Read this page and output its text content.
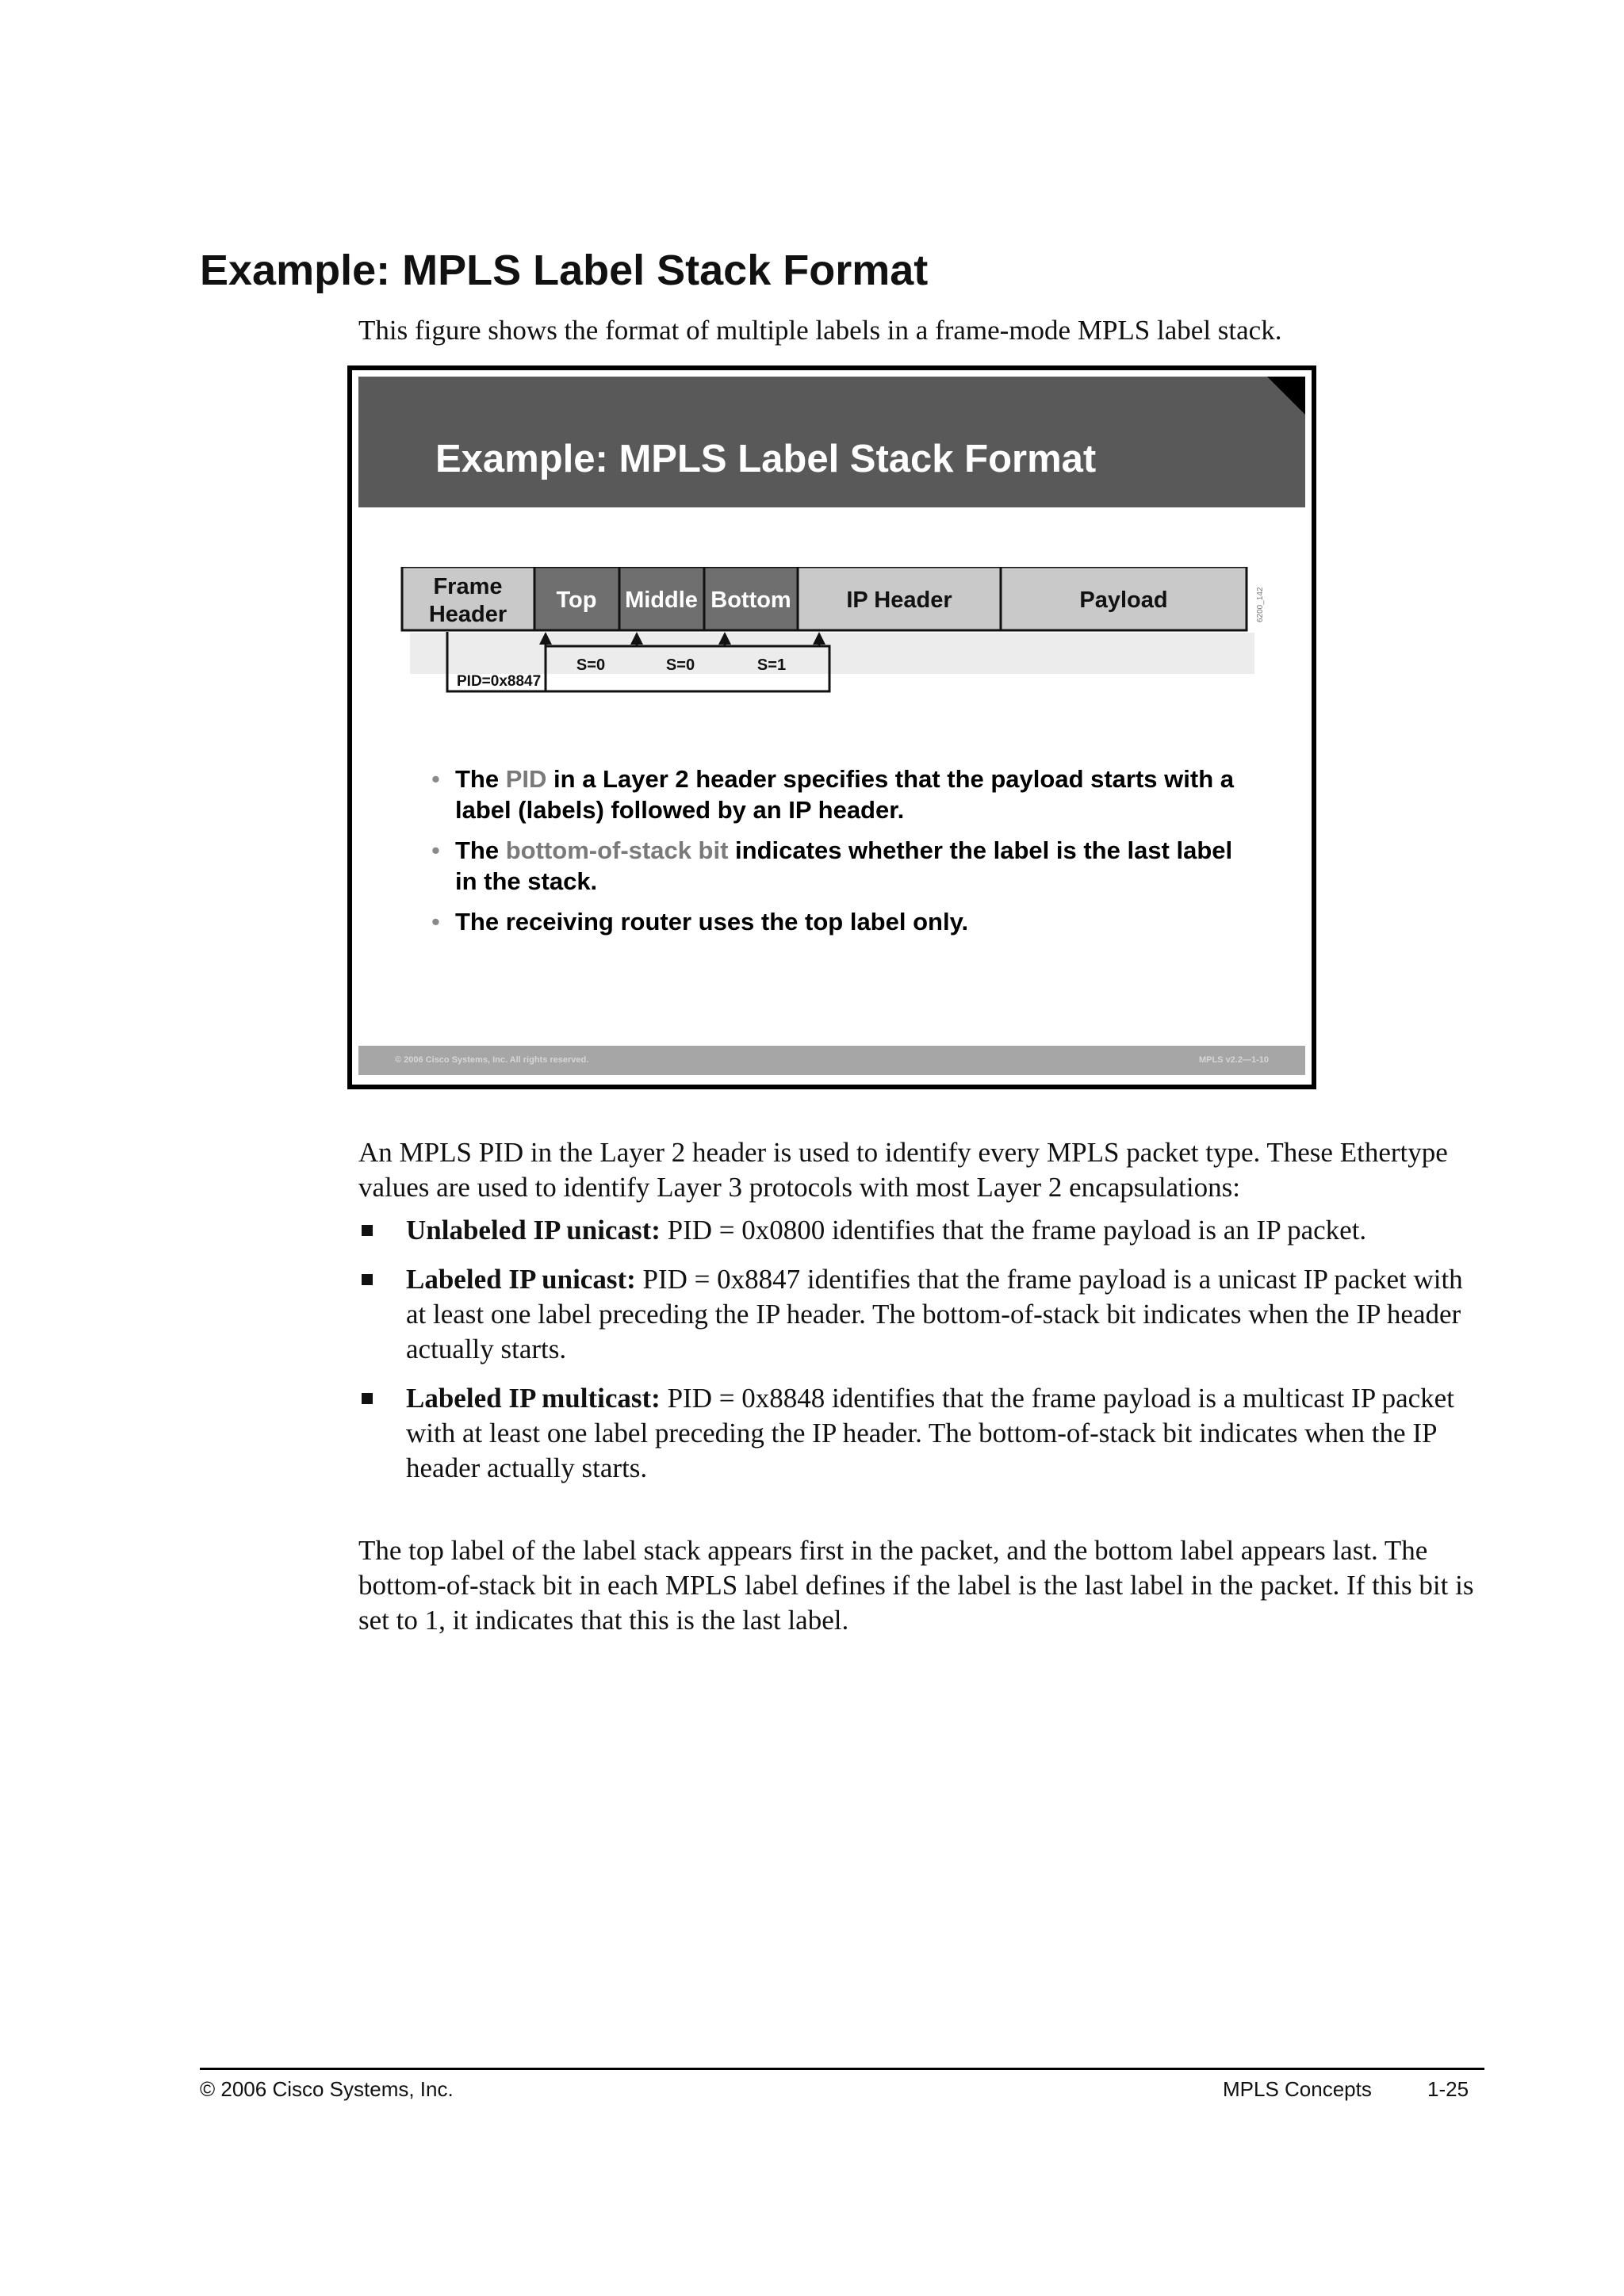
Example: MPLS Label Stack Format

This figure shows the format of multiple labels in a frame-mode MPLS label stack.

Example: MPLS Label Stack Format
Frame
Header
Top Middle Bottom IP Header	Payload	6200_142
PID=0x8847
S=0	S=0	S=1
• The PID in a Layer 2 header specifies that the payload starts with a label (labels) followed by an IP header.
• The bottom-of-stack bit indicates whether the label is the last label in the stack.
• The receiving router uses the top label only.
© 2006 Cisco Systems, Inc. All rights reserved.	MPLS v2.2—1-10

An MPLS PID in the Layer 2 header is used to identify every MPLS packet type. These Ethertype values are used to identify Layer 3 protocols with most Layer 2 encapsulations:

Unlabeled IP unicast: PID = 0x0800 identifies that the frame payload is an IP packet.
Labeled IP unicast: PID = 0x8847 identifies that the frame payload is a unicast IP packet with at least one label preceding the IP header. The bottom-of-stack bit indicates when the IP header actually starts.
Labeled IP multicast: PID = 0x8848 identifies that the frame payload is a multicast IP packet with at least one label preceding the IP header. The bottom-of-stack bit indicates when the IP header actually starts.

The top label of the label stack appears first in the packet, and the bottom label appears last. The bottom-of-stack bit in each MPLS label defines if the label is the last label in the packet. If this bit is set to 1, it indicates that this is the last label.

© 2006 Cisco Systems, Inc.	MPLS Concepts	1-25
